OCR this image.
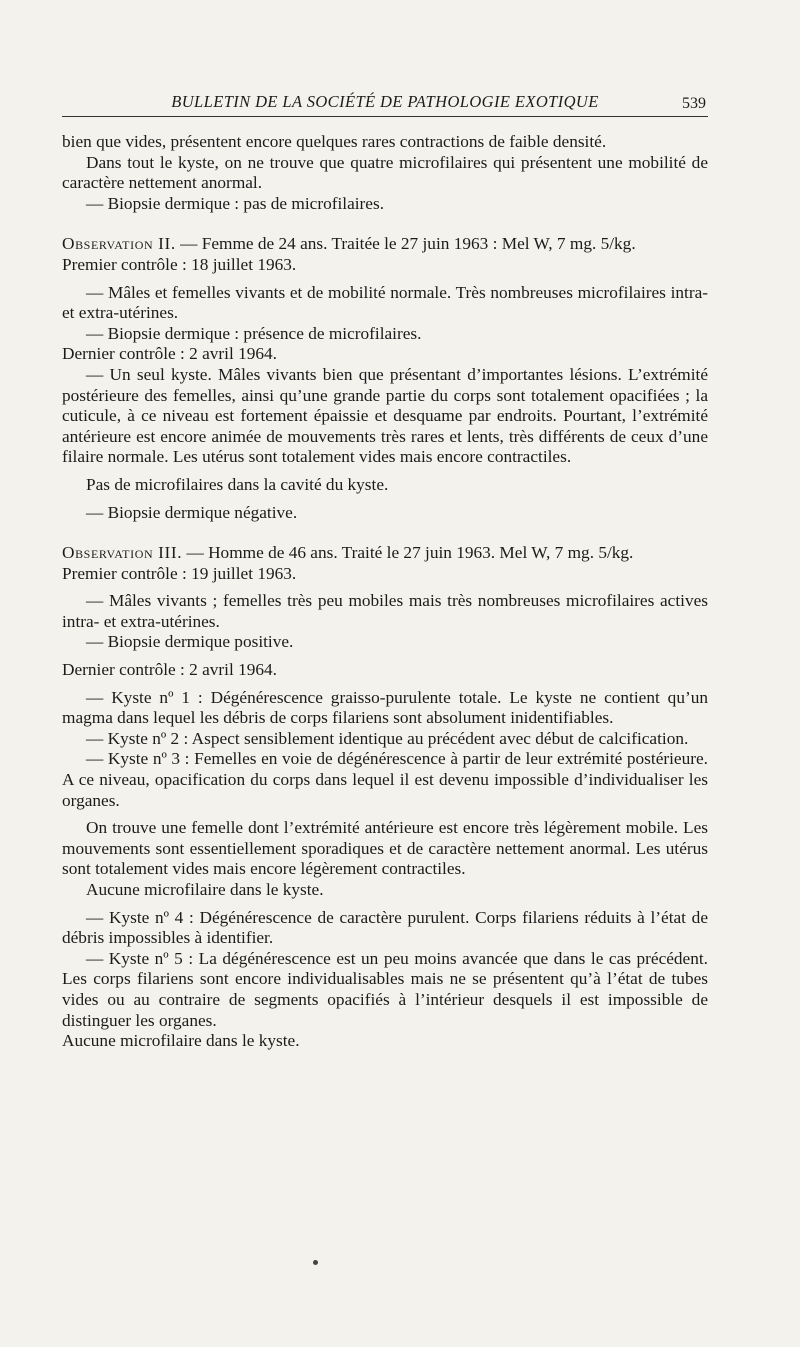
BULLETIN DE LA SOCIÉTÉ DE PATHOLOGIE EXOTIQUE	539

bien que vides, présentent encore quelques rares contractions de faible densité.

Dans tout le kyste, on ne trouve que quatre microfilaires qui présentent une mobilité de caractère nettement anormal.

— Biopsie dermique : pas de microfilaires.

Observation II. — Femme de 24 ans. Traitée le 27 juin 1963 : Mel W, 7 mg. 5/kg.

Premier contrôle : 18 juillet 1963.

— Mâles et femelles vivants et de mobilité normale. Très nombreuses microfilaires intra- et extra-utérines.

— Biopsie dermique : présence de microfilaires.

Dernier contrôle : 2 avril 1964.

— Un seul kyste. Mâles vivants bien que présentant d’importantes lésions. L’extrémité postérieure des femelles, ainsi qu’une grande partie du corps sont totalement opacifiées ; la cuticule, à ce niveau est fortement épaissie et desquame par endroits. Pourtant, l’extrémité antérieure est encore animée de mouvements très rares et lents, très différents de ceux d’une filaire normale. Les utérus sont totalement vides mais encore contractiles.

Pas de microfilaires dans la cavité du kyste.

— Biopsie dermique négative.

Observation III. — Homme de 46 ans. Traité le 27 juin 1963. Mel W, 7 mg. 5/kg.

Premier contrôle : 19 juillet 1963.

— Mâles vivants ; femelles très peu mobiles mais très nombreuses microfilaires actives intra- et extra-utérines.

— Biopsie dermique positive.

Dernier contrôle : 2 avril 1964.

— Kyste nº 1 : Dégénérescence graisso-purulente totale. Le kyste ne contient qu’un magma dans lequel les débris de corps filariens sont absolument inidentifiables.

— Kyste nº 2 : Aspect sensiblement identique au précédent avec début de calcification.

— Kyste nº 3 : Femelles en voie de dégénérescence à partir de leur extrémité postérieure. A ce niveau, opacification du corps dans lequel il est devenu impossible d’individualiser les organes.

On trouve une femelle dont l’extrémité antérieure est encore très légèrement mobile. Les mouvements sont essentiellement sporadiques et de caractère nettement anormal. Les utérus sont totalement vides mais encore légèrement contractiles.

Aucune microfilaire dans le kyste.

— Kyste nº 4 : Dégénérescence de caractère purulent. Corps filariens réduits à l’état de débris impossibles à identifier.

— Kyste nº 5 : La dégénérescence est un peu moins avancée que dans le cas précédent. Les corps filariens sont encore individualisables mais ne se présentent qu’à l’état de tubes vides ou au contraire de segments opacifiés à l’intérieur desquels il est impossible de distinguer les organes.

Aucune microfilaire dans le kyste.
